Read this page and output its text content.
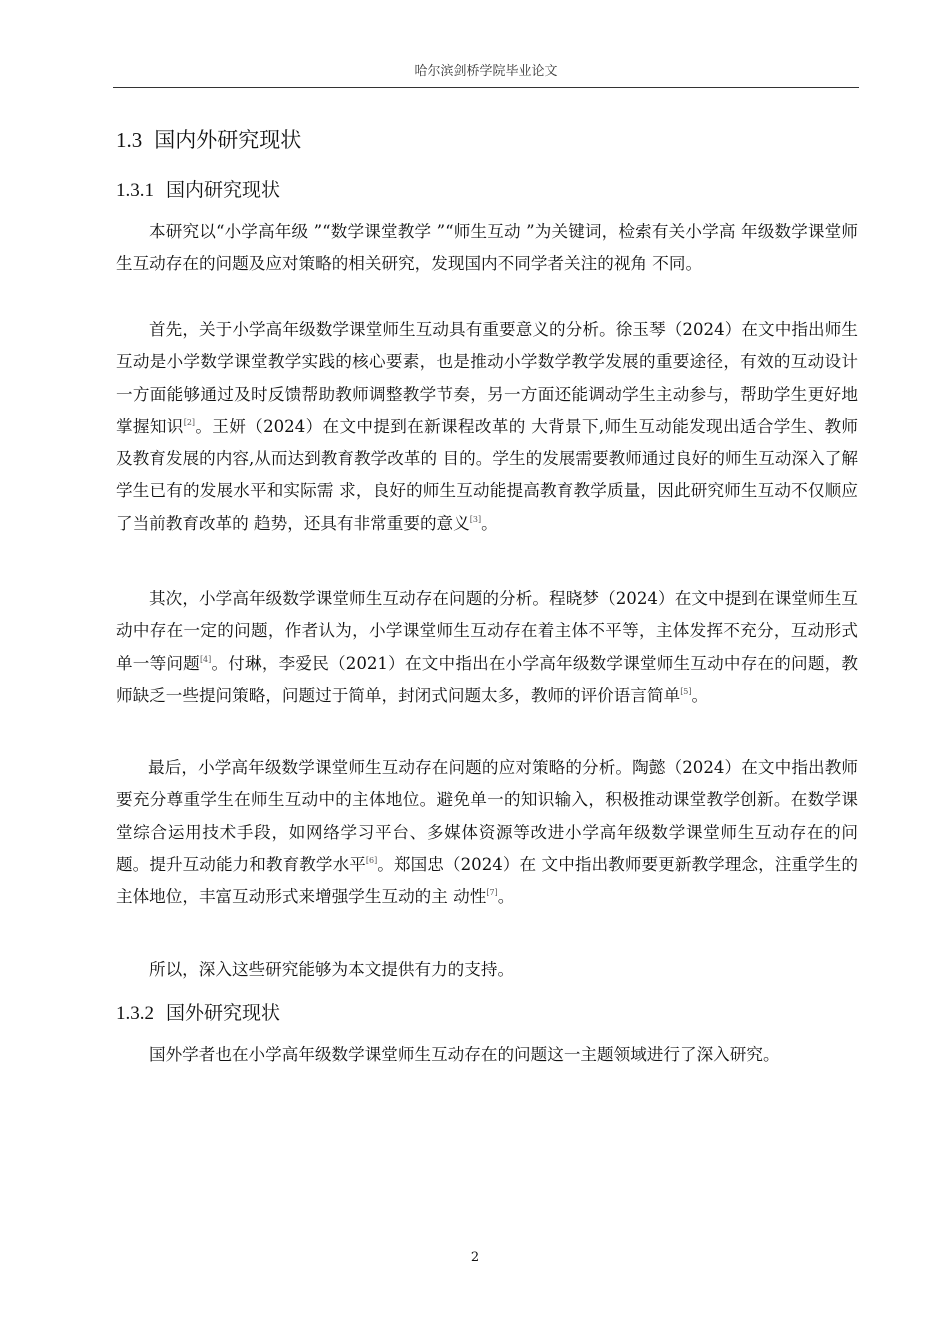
哈尔滨剑桥学院毕业论文
1.3 国内外研究现状
1.3.1 国内研究现状

本研究以“小学高年级 ”“数学课堂教学 ”“师生互动 ”为关键词，检索有关小学高 年级数学课堂师生互动存在的问题及应对策略的相关研究，发现国内不同学者关注的视角 不同。

首先，关于小学高年级数学课堂师生互动具有重要意义的分析。徐玉琴（2024）在文中指出师生互动是小学数学课堂教学实践的核心要素，也是推动小学数学教学发展的重要途径，有效的互动设计一方面能够通过及时反馈帮助教师调整教学节奏，另一方面还能调动学生主动参与，帮助学生更好地掌握知识[2]。王妍（2024）在文中提到在新课程改革的 大背景下,师生互动能发现出适合学生、教师及教育发展的内容,从而达到教育教学改革的 目的。学生的发展需要教师通过良好的师生互动深入了解学生已有的发展水平和实际需 求，良好的师生互动能提高教育教学质量，因此研究师生互动不仅顺应了当前教育改革的 趋势，还具有非常重要的意义[3]。

其次，小学高年级数学课堂师生互动存在问题的分析。程晓梦（2024）在文中提到在课堂师生互动中存在一定的问题，作者认为，小学课堂师生互动存在着主体不平等，主体发挥不充分，互动形式单一等问题[4]。付琳，李爱民（2021）在文中指出在小学高年级数学课堂师生互动中存在的问题，教师缺乏一些提问策略，问题过于简单，封闭式问题太多，教师的评价语言简单[5]。

最后，小学高年级数学课堂师生互动存在问题的应对策略的分析。陶懿（2024）在文中指出教师要充分尊重学生在师生互动中的主体地位。避免单一的知识输入，积极推动课堂教学创新。在数学课堂综合运用技术手段，如网络学习平台、多媒体资源等改进小学高年级数学课堂师生互动存在的问题。提升互动能力和教育教学水平[6]。郑国忠（2024）在 文中指出教师要更新教学理念，注重学生的主体地位，丰富互动形式来增强学生互动的主 动性[7]。

所以，深入这些研究能够为本文提供有力的支持。

1.3.2 国外研究现状

国外学者也在小学高年级数学课堂师生互动存在的问题这一主题领域进行了深入研究。

2
